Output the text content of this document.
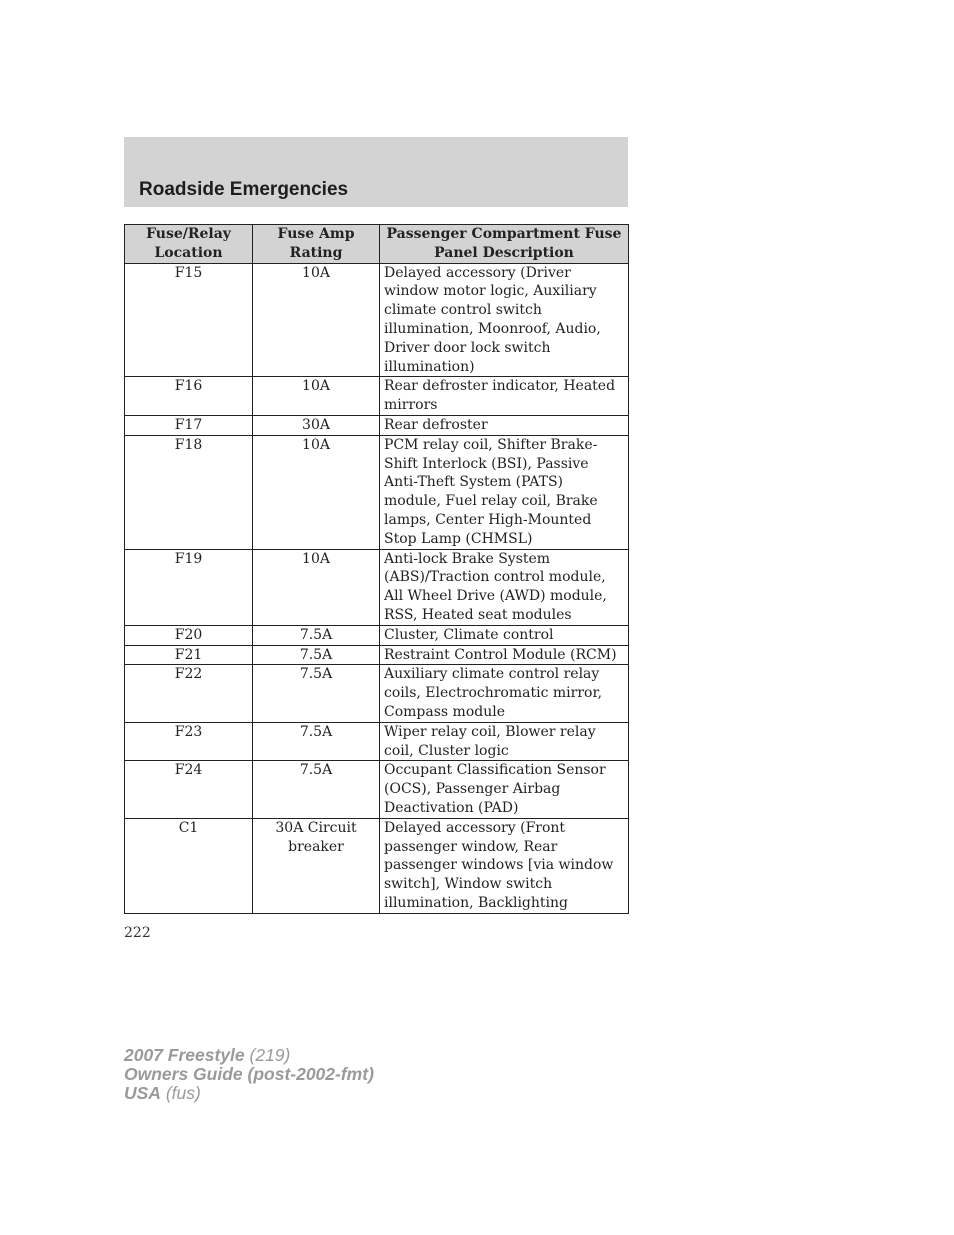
Roadside Emergencies
Fuse/Relay Location	Fuse Amp Rating	Passenger Compartment Fuse Panel Description
F15	10A	Delayed accessory (Driver window motor logic, Auxiliary climate control switch illumination, Moonroof, Audio, Driver door lock switch illumination)
F16	10A	Rear defroster indicator, Heated mirrors
F17	30A	Rear defroster
F18	10A	PCM relay coil, Shifter Brake-Shift Interlock (BSI), Passive Anti-Theft System (PATS) module, Fuel relay coil, Brake lamps, Center High-Mounted Stop Lamp (CHMSL)
F19	10A	Anti-lock Brake System (ABS)/Traction control module, All Wheel Drive (AWD) module, RSS, Heated seat modules
F20	7.5A	Cluster, Climate control
F21	7.5A	Restraint Control Module (RCM)
F22	7.5A	Auxiliary climate control relay coils, Electrochromatic mirror, Compass module
F23	7.5A	Wiper relay coil, Blower relay coil, Cluster logic
F24	7.5A	Occupant Classification Sensor (OCS), Passenger Airbag Deactivation (PAD)
C1	30A Circuit breaker	Delayed accessory (Front passenger window, Rear passenger windows [via window switch], Window switch illumination, Backlighting
222
2007 Freestyle (219)
Owners Guide (post-2002-fmt)
USA (fus)
